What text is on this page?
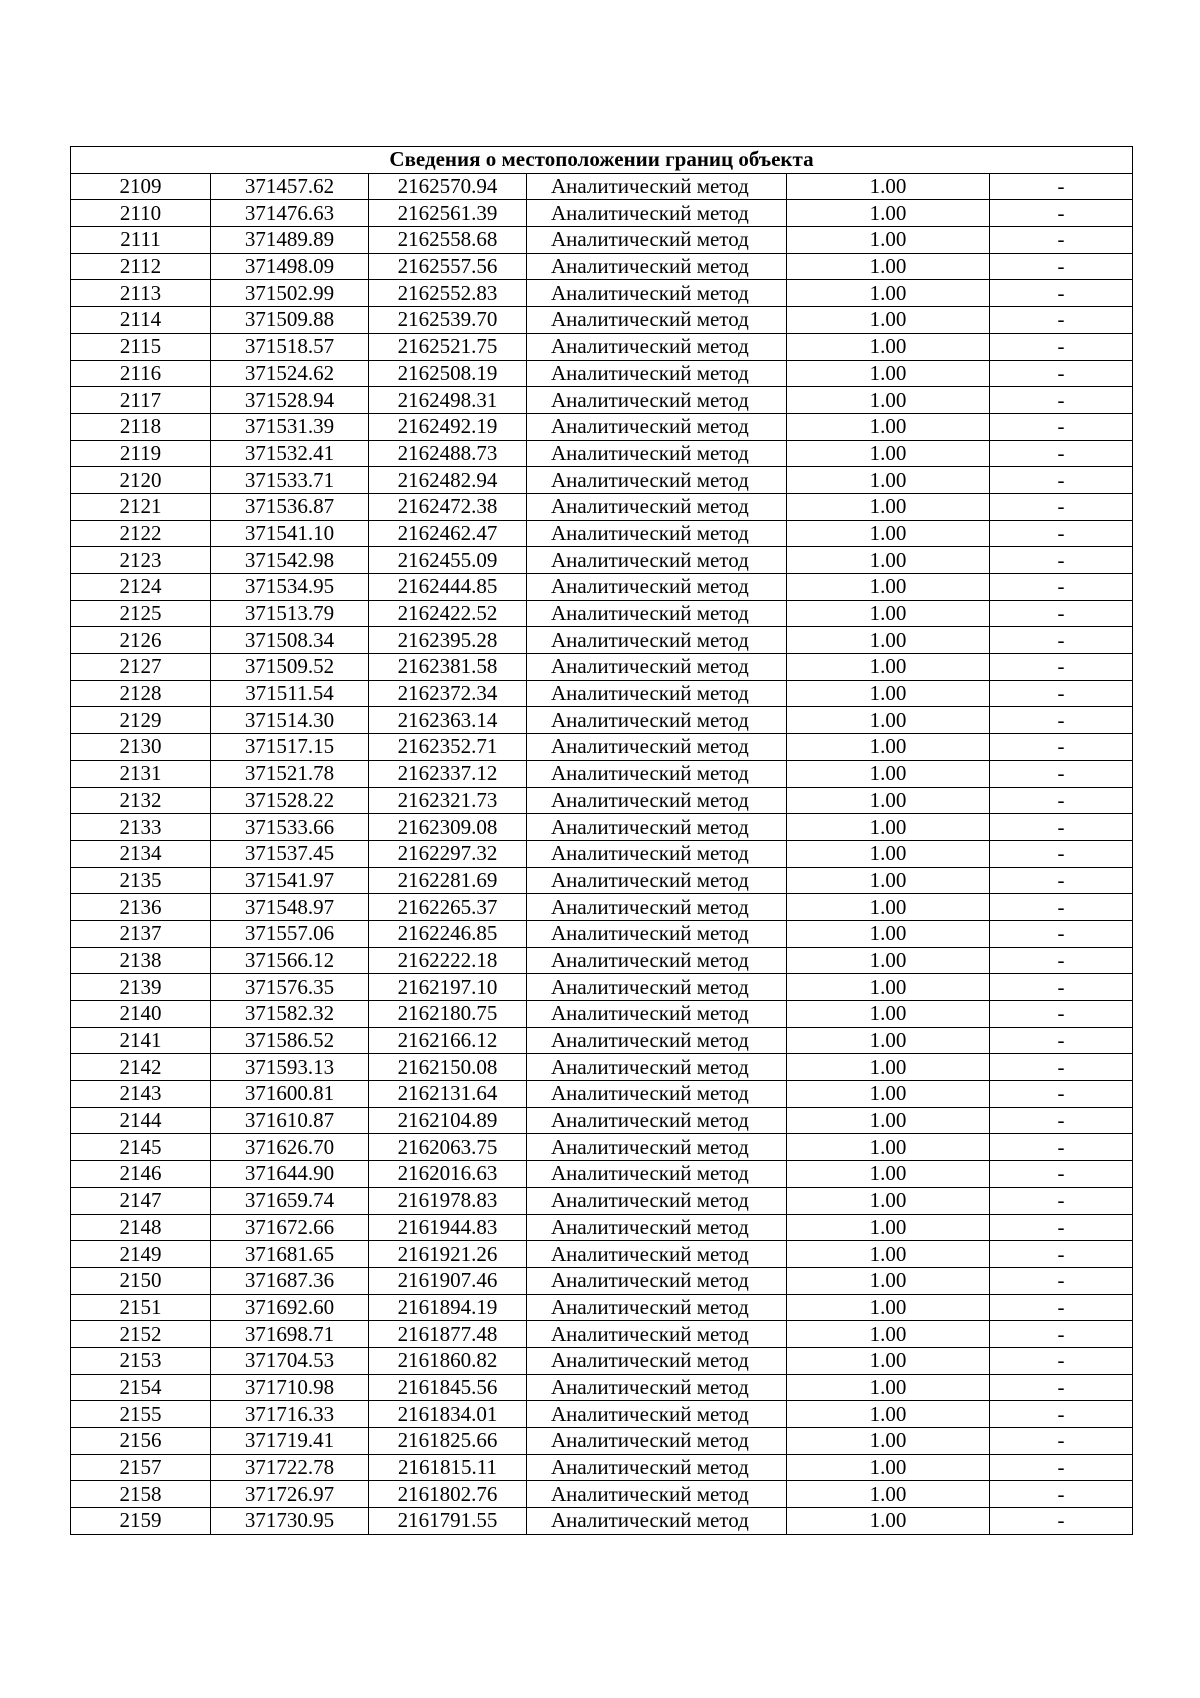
Сведения о местоположении границ объекта					
2109	371457.62	2162570.94	Аналитический метод	1.00	-
2110	371476.63	2162561.39	Аналитический метод	1.00	-
2111	371489.89	2162558.68	Аналитический метод	1.00	-
2112	371498.09	2162557.56	Аналитический метод	1.00	-
2113	371502.99	2162552.83	Аналитический метод	1.00	-
2114	371509.88	2162539.70	Аналитический метод	1.00	-
2115	371518.57	2162521.75	Аналитический метод	1.00	-
2116	371524.62	2162508.19	Аналитический метод	1.00	-
2117	371528.94	2162498.31	Аналитический метод	1.00	-
2118	371531.39	2162492.19	Аналитический метод	1.00	-
2119	371532.41	2162488.73	Аналитический метод	1.00	-
2120	371533.71	2162482.94	Аналитический метод	1.00	-
2121	371536.87	2162472.38	Аналитический метод	1.00	-
2122	371541.10	2162462.47	Аналитический метод	1.00	-
2123	371542.98	2162455.09	Аналитический метод	1.00	-
2124	371534.95	2162444.85	Аналитический метод	1.00	-
2125	371513.79	2162422.52	Аналитический метод	1.00	-
2126	371508.34	2162395.28	Аналитический метод	1.00	-
2127	371509.52	2162381.58	Аналитический метод	1.00	-
2128	371511.54	2162372.34	Аналитический метод	1.00	-
2129	371514.30	2162363.14	Аналитический метод	1.00	-
2130	371517.15	2162352.71	Аналитический метод	1.00	-
2131	371521.78	2162337.12	Аналитический метод	1.00	-
2132	371528.22	2162321.73	Аналитический метод	1.00	-
2133	371533.66	2162309.08	Аналитический метод	1.00	-
2134	371537.45	2162297.32	Аналитический метод	1.00	-
2135	371541.97	2162281.69	Аналитический метод	1.00	-
2136	371548.97	2162265.37	Аналитический метод	1.00	-
2137	371557.06	2162246.85	Аналитический метод	1.00	-
2138	371566.12	2162222.18	Аналитический метод	1.00	-
2139	371576.35	2162197.10	Аналитический метод	1.00	-
2140	371582.32	2162180.75	Аналитический метод	1.00	-
2141	371586.52	2162166.12	Аналитический метод	1.00	-
2142	371593.13	2162150.08	Аналитический метод	1.00	-
2143	371600.81	2162131.64	Аналитический метод	1.00	-
2144	371610.87	2162104.89	Аналитический метод	1.00	-
2145	371626.70	2162063.75	Аналитический метод	1.00	-
2146	371644.90	2162016.63	Аналитический метод	1.00	-
2147	371659.74	2161978.83	Аналитический метод	1.00	-
2148	371672.66	2161944.83	Аналитический метод	1.00	-
2149	371681.65	2161921.26	Аналитический метод	1.00	-
2150	371687.36	2161907.46	Аналитический метод	1.00	-
2151	371692.60	2161894.19	Аналитический метод	1.00	-
2152	371698.71	2161877.48	Аналитический метод	1.00	-
2153	371704.53	2161860.82	Аналитический метод	1.00	-
2154	371710.98	2161845.56	Аналитический метод	1.00	-
2155	371716.33	2161834.01	Аналитический метод	1.00	-
2156	371719.41	2161825.66	Аналитический метод	1.00	-
2157	371722.78	2161815.11	Аналитический метод	1.00	-
2158	371726.97	2161802.76	Аналитический метод	1.00	-
2159	371730.95	2161791.55	Аналитический метод	1.00	-
